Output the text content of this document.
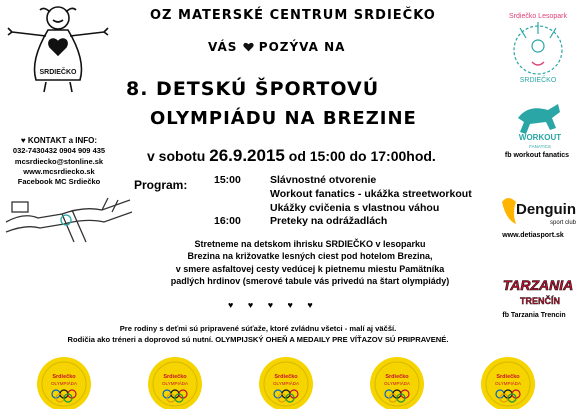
SRDIEČKO
Srdiečko Lesopark
SRDIEČKO
OZ MATERSKÉ CENTRUM SRDIEČKO
VÁS POZÝVA NA
8. DETSKÚ ŠPORTOVÚ
OLYMPIÁDU NA BREZINE
v sobotu 26.9.2015 od 15:00 do 17:00hod.
♥ KONTAKT a INFO:
032-7430432 0904 909 435
mcsrdiecko@stonline.sk
www.mcsrdiecko.sk
Facebook MC Srdiečko	Program:	15:00	Slávnostné otvorenie
Workout fanatics - ukážka streetworkout
Ukážky cvičenia s vlastnou váhou
16:00	Preteky na odrážadlách
Stretneme na detskom ihrisku SRDIEČKO v lesoparku
Brezina na križovatke lesných ciest pod hotelom Brezina,
v smere asfaltovej cesty vedúcej k pietnemu miestu Pamätníka
padlých hrdinov (smerové tabule vás privedú na štart olympiády)
♥ ♥ ♥ ♥ ♥
Pre rodiny s deťmi sú pripravené súťaže, ktoré zvládnu všetci - malí aj väčší.
Rodičia ako tréneri a doprovod sú nutní. OLYMPIJSKÝ OHEŇ A MEDAILY PRE VÍŤAZOV SÚ PRIPRAVENÉ.
WORKOUT
FANATICS
fb workout fanatics
Denguin
sport club
www.detiasport.sk
TARZANIA
TRENČÍN
fb Tarzania Trencin
Srdiečko
OLYMPIÁDA
Srdiečko
OLYMPIÁDA
Srdiečko
OLYMPIÁDA
Srdiečko
OLYMPIÁDA
Srdiečko
OLYMPIÁDA
